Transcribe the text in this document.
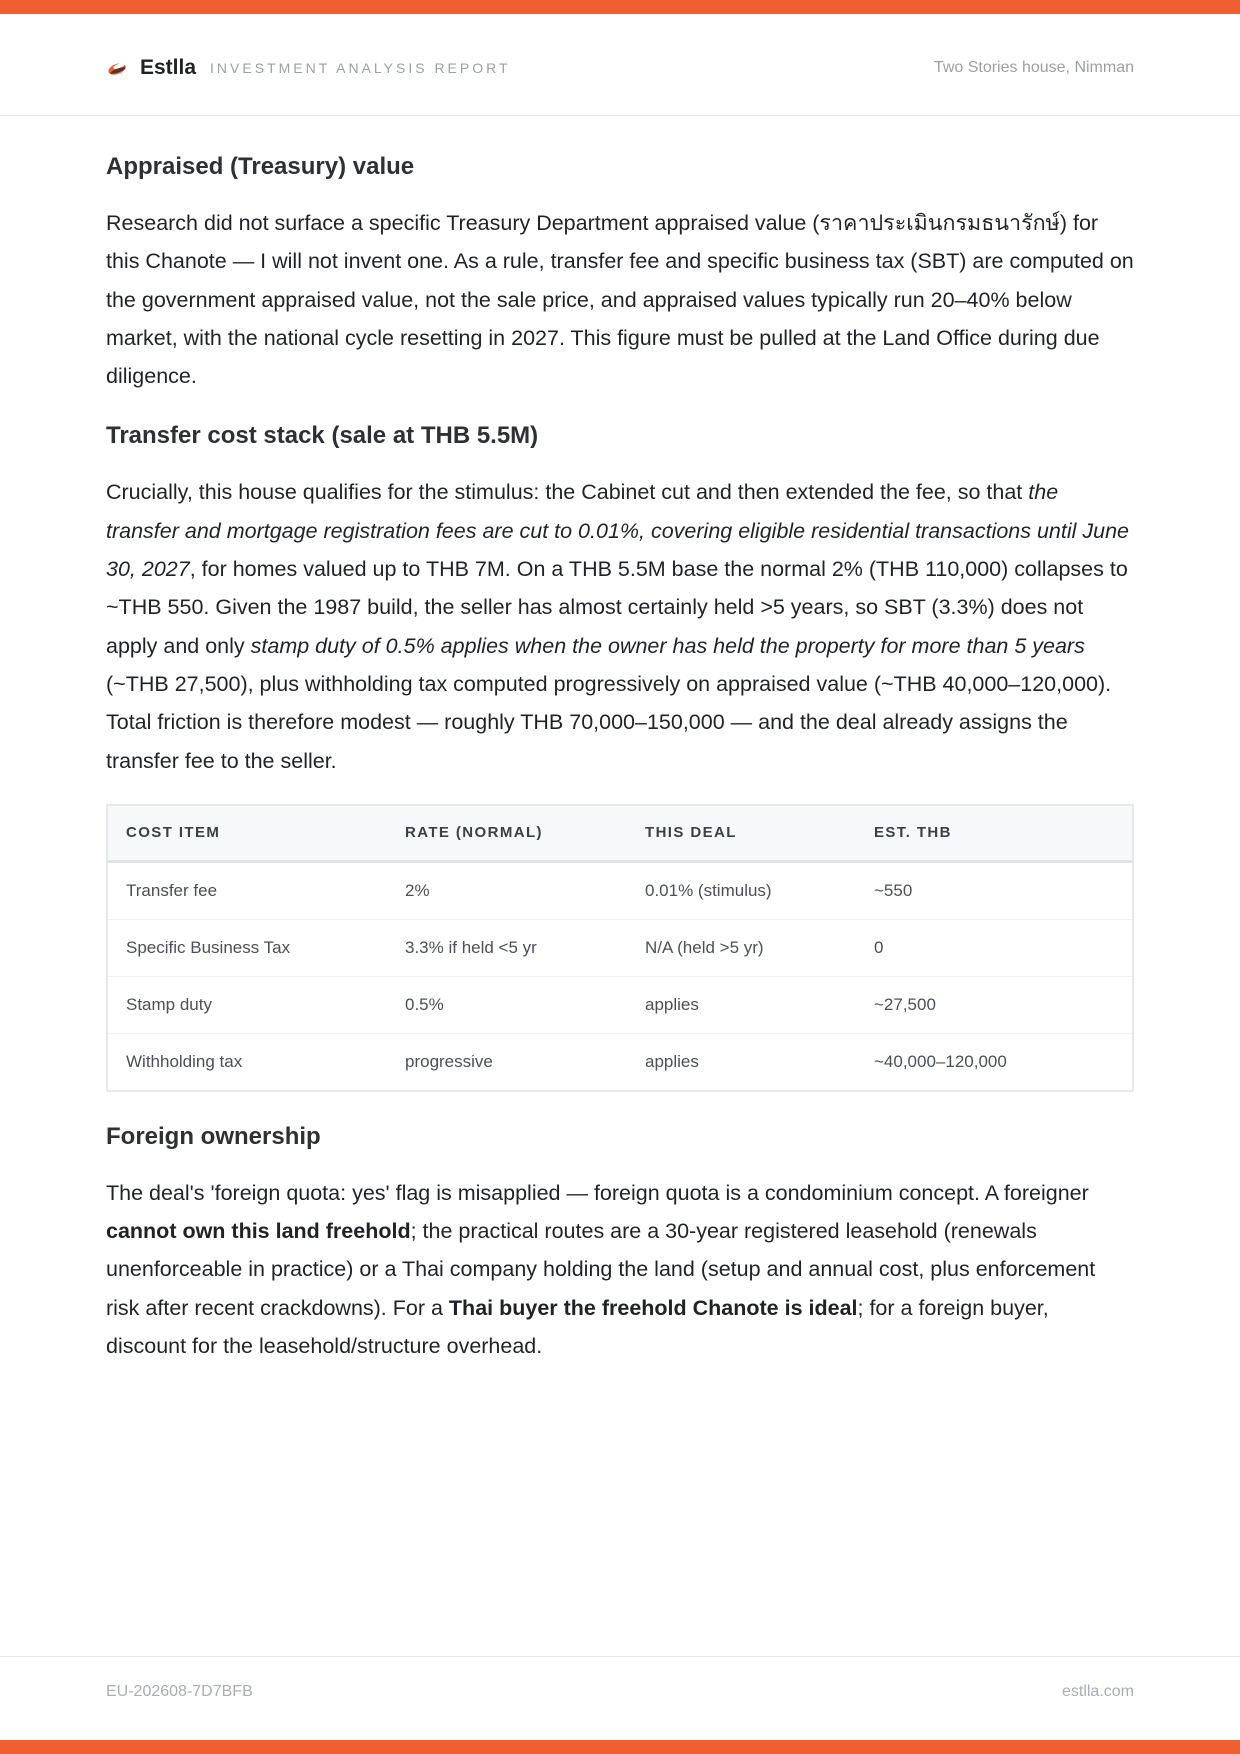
Estlla INVESTMENT ANALYSIS REPORT	Two Stories house, Nimman
Appraised (Treasury) value

Research did not surface a specific Treasury Department appraised value (ราคาประเมินกรมธนารักษ์) for this Chanote — I will not invent one. As a rule, transfer fee and specific business tax (SBT) are computed on the government appraised value, not the sale price, and appraised values typically run 20–40% below market, with the national cycle resetting in 2027. This figure must be pulled at the Land Office during due diligence.

Transfer cost stack (sale at THB 5.5M)

Crucially, this house qualifies for the stimulus: the Cabinet cut and then extended the fee, so that the transfer and mortgage registration fees are cut to 0.01%, covering eligible residential transactions until June 30, 2027, for homes valued up to THB 7M. On a THB 5.5M base the normal 2% (THB 110,000) collapses to ~THB 550. Given the 1987 build, the seller has almost certainly held >5 years, so SBT (3.3%) does not apply and only stamp duty of 0.5% applies when the owner has held the property for more than 5 years (~THB 27,500), plus withholding tax computed progressively on appraised value (~THB 40,000–120,000). Total friction is therefore modest — roughly THB 70,000–150,000 — and the deal already assigns the transfer fee to the seller.

COST ITEM	RATE (NORMAL)	THIS DEAL	EST. THB
Transfer fee	2%	0.01% (stimulus)	~550
Specific Business Tax	3.3% if held <5 yr	N/A (held >5 yr)	0
Stamp duty	0.5%	applies	~27,500
Withholding tax	progressive	applies	~40,000–120,000
Foreign ownership

The deal's 'foreign quota: yes' flag is misapplied — foreign quota is a condominium concept. A foreigner cannot own this land freehold; the practical routes are a 30-year registered leasehold (renewals unenforceable in practice) or a Thai company holding the land (setup and annual cost, plus enforcement risk after recent crackdowns). For a Thai buyer the freehold Chanote is ideal; for a foreign buyer, discount for the leasehold/structure overhead.

EU-202608-7D7BFB	estlla.com
